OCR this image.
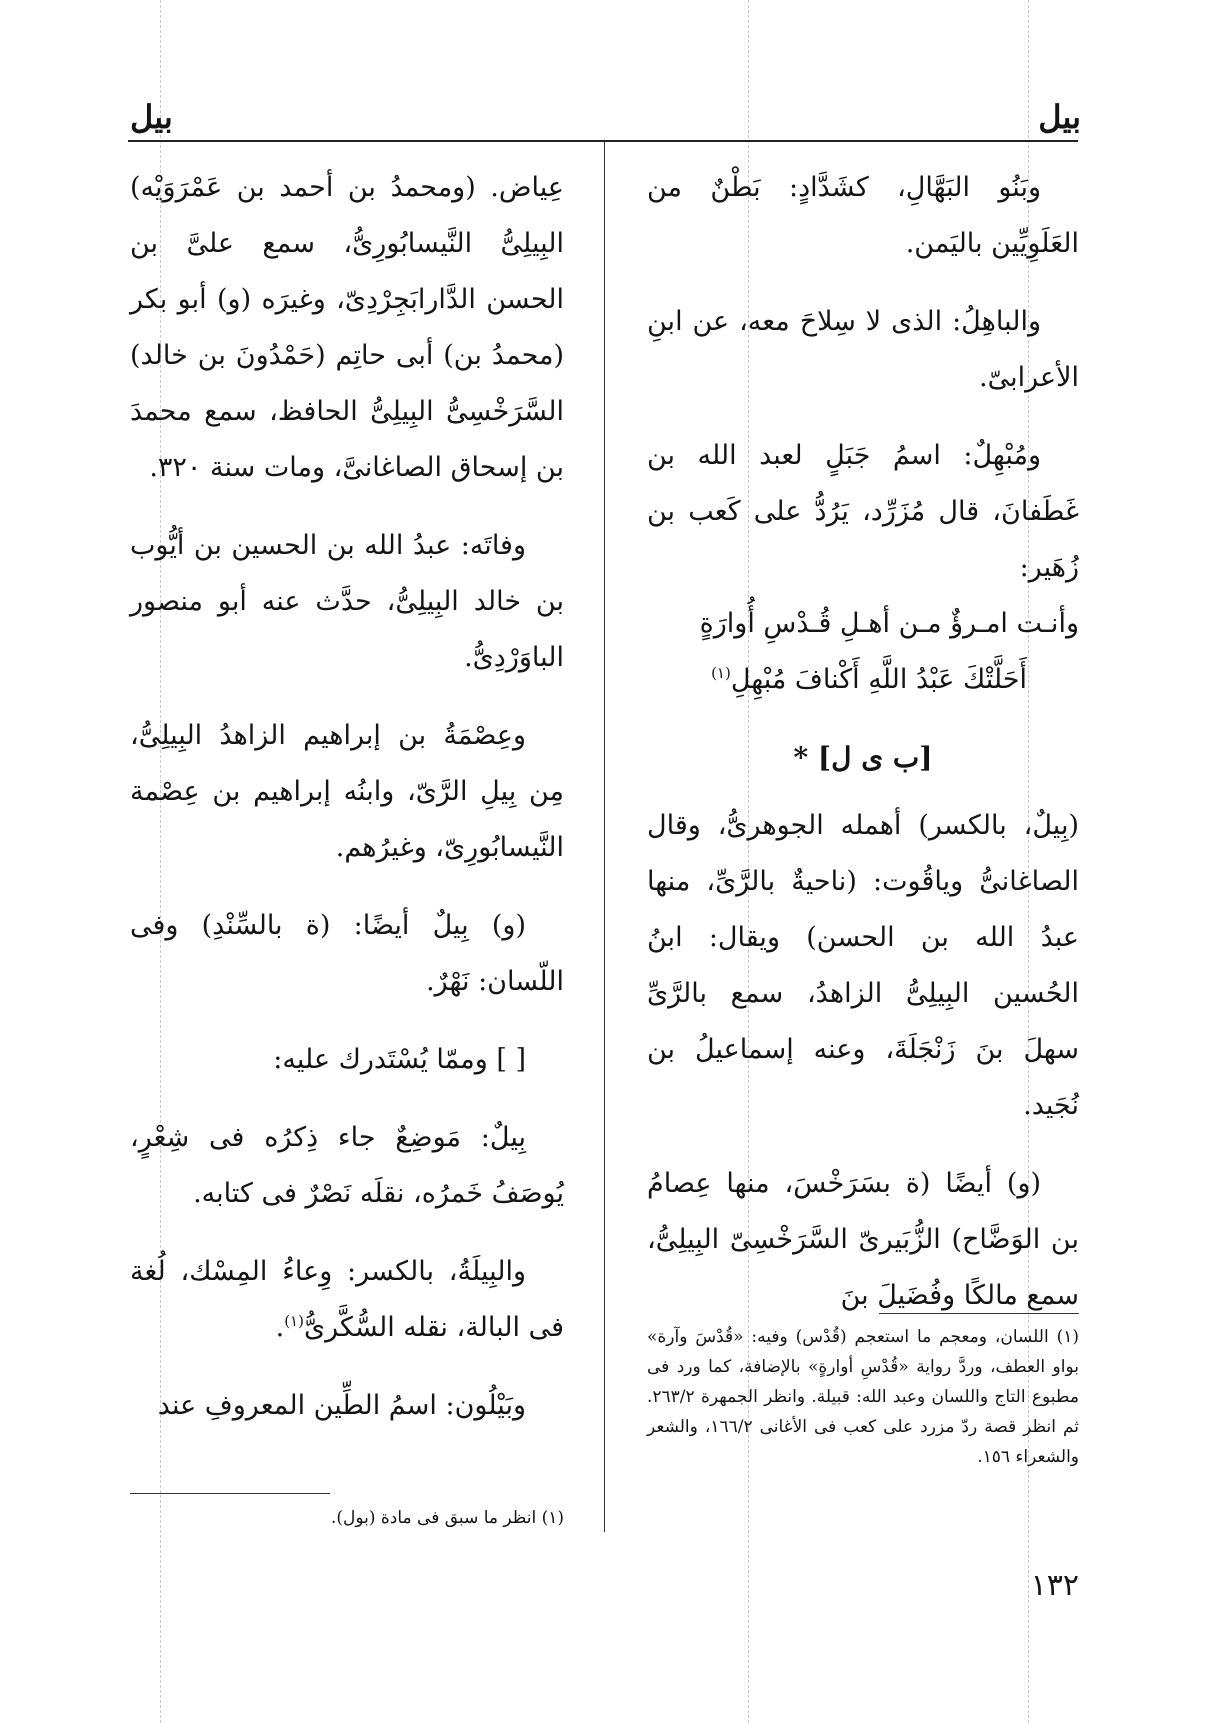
بيل
بيل

وبَنُو البَهَّالِ، كشَدَّادٍ: بَطْنٌ من العَلَوِيِّين باليَمن.

والباهِلُ: الذى لا سِلاحَ معه، عن ابنِ الأعرابىّ.

ومُبْهِلٌ: اسمُ جَبَلٍ لعبد الله بن غَطَفانَ، قال مُزَرِّد، يَرُدُّ على كَعب بن زُهَير:

وأنـت امـرؤٌ مـن أهـلِ قُـدْسِ أُوارَةٍ

أَحَلَّتْكَ عَبْدُ اللَّهِ أَكْنافَ مُبْهِلِ$^{(١)}$

[ب ى ل] *

(بِيلٌ، بالكسر) أهمله الجوهرىُّ، وقال الصاغانىُّ وياقُوت: (ناحيةٌ بالرَّىِّ، منها عبدُ الله بن الحسن) ويقال: ابنُ الحُسين البِيلِىُّ الزاهدُ، سمع بالرَّىِّ سهلَ بنَ زَنْجَلَةَ، وعنه إسماعيلُ بن نُجَيد.

(و) أيضًا (ة بسَرَخْسَ، منها عِصامُ بن الوَضَّاح) الزُّبَيرىّ السَّرَخْسِىّ البِيلِىُّ، سمع مالكًا وفُضَيلَ بنَ

(١) اللسان، ومعجم ما استعجم (قُدْس) وفيه: «قُدْسَ وآرة» بواو العطف، وردَّ رواية «قُدْسِ أوارةٍ» بالإضافة، كما ورد فى مطبوع التاج واللسان وعبد الله: قبيلة. وانظر الجمهرة ٢٦٣/٢. ثم انظر قصة ردّ مزرد على كعب فى الأغانى ١٦٦/٢، والشعر والشعراء ١٥٦.

عِياض. (ومحمدُ بن أحمد بن عَمْرَوَيْه) البِيلِىُّ النَّيسابُورِىُّ، سمع علىَّ بن الحسن الدَّارابَجِرْدِىّ، وغيرَه (و) أبو بكر (محمدُ بن) أبى حاتِم (حَمْدُونَ بن خالد) السَّرَخْسِىُّ البِيلِىُّ الحافظ، سمع محمدَ بن إسحاق الصاغانىَّ، ومات سنة ٣٢٠.

وفاتَه: عبدُ الله بن الحسين بن أيُّوب بن خالد البِيلِىُّ، حدَّث عنه أبو منصور الباوَرْدِىُّ.

وعِصْمَةُ بن إبراهيم الزاهدُ البِيلِىُّ، مِن بِيلِ الرَّىّ، وابنُه إبراهيم بن عِصْمة النَّيسابُورِىّ، وغيرُهم.

(و) بِيلٌ أيضًا: (ة بالسِّنْدِ) وفى اللّسان: نَهْرٌ.

[ ] وممّا يُسْتَدرك عليه:

بِيلٌ: مَوضِعٌ جاء ذِكرُه فى شِعْرٍ، يُوصَفُ خَمرُه، نقلَه نَصْرٌ فى كتابه.

والبِيلَةُ، بالكسر: وِعاءُ المِسْك، لُغة فى البالة، نقله السُّكَّرىُّ$^{(١)}$.

وبَيْلُون: اسمُ الطِّين المعروفِ عند

(١) انظر ما سبق فى مادة (بول).
١٣٢
